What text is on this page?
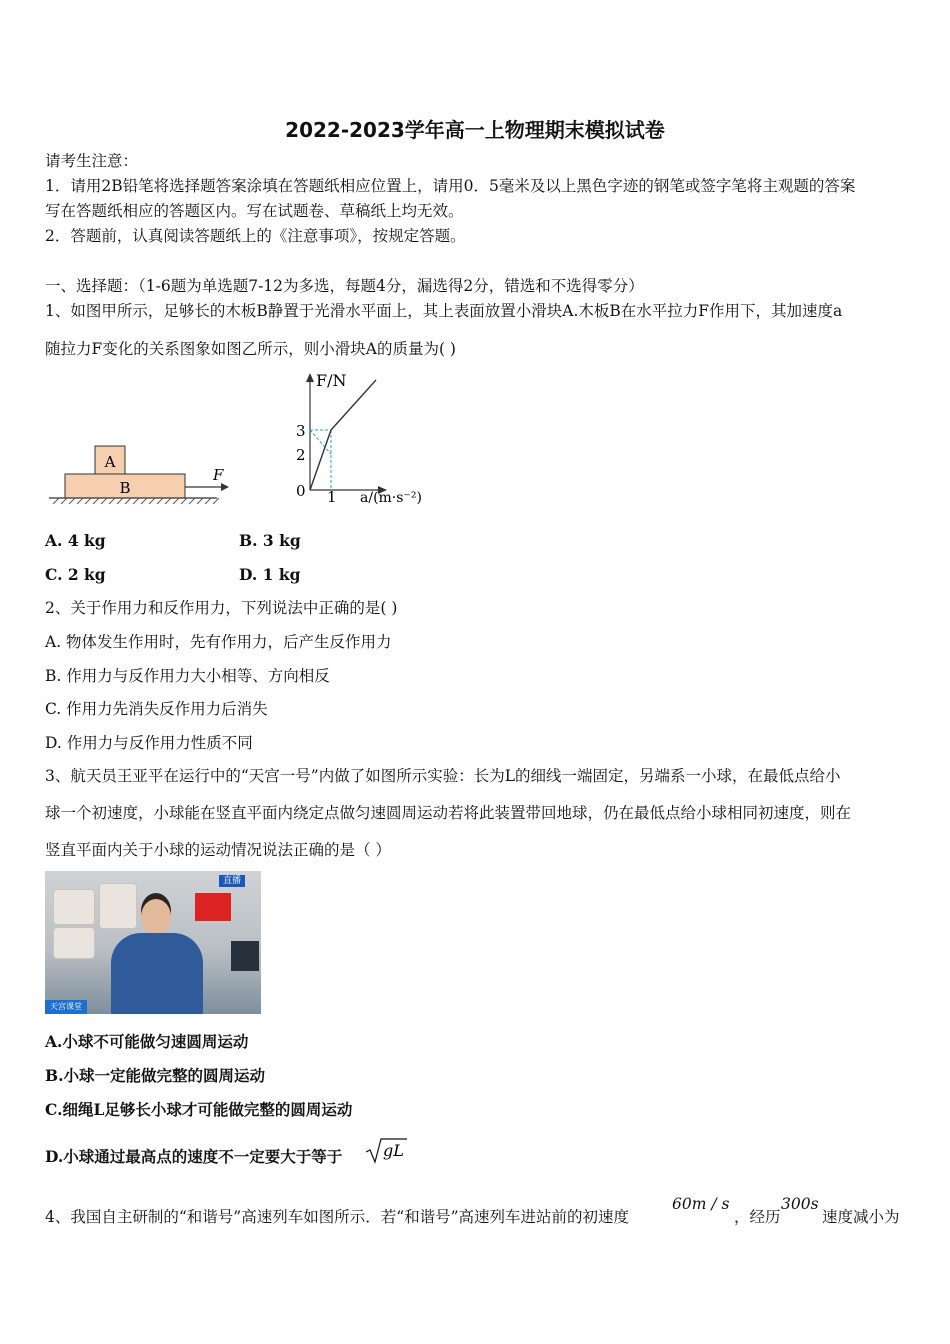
2022-2023学年高一上物理期末模拟试卷
请考生注意：
1．请用2B铅笔将选择题答案涂填在答题纸相应位置上，请用0．5毫米及以上黑色字迹的钢笔或签字笔将主观题的答案
写在答题纸相应的答题区内。写在试题卷、草稿纸上均无效。
2．答题前，认真阅读答题纸上的《注意事项》，按规定答题。
一、选择题：（1-6题为单选题7-12为多选，每题4分，漏选得2分，错选和不选得零分）
1、如图甲所示，足够长的木板B静置于光滑水平面上，其上表面放置小滑块A.木板B在水平拉力F作用下，其加速度a
随拉力F变化的关系图象如图乙所示，则小滑块A的质量为( )
A
B
F
F/N
3
2
0 1 a/(m·s⁻²)
A. 4 kg	B. 3 kg
C. 2 kg	D. 1 kg
2、关于作用力和反作用力，下列说法中正确的是( )
A. 物体发生作用时，先有作用力，后产生反作用力
B. 作用力与反作用力大小相等、方向相反
C. 作用力先消失反作用力后消失
D. 作用力与反作用力性质不同
3、航天员王亚平在运行中的“天宫一号”内做了如图所示实验：长为L的细线一端固定，另端系一小球，在最低点给小
球一个初速度，小球能在竖直平面内绕定点做匀速圆周运动若将此装置带回地球，仍在最低点给小球相同初速度，则在
竖直平面内关于小球的运动情况说法正确的是（ ）
直播
天宫课堂
A.小球不可能做匀速圆周运动
B.小球一定能做完整的圆周运动
C.细绳L足够长小球才可能做完整的圆周运动
D.小球通过最高点的速度不一定要大于等于	gL
4、我国自主研制的“和谐号”高速列车如图所示．若“和谐号”高速列车进站前的初速度
60m / s
，经历
300s
速度减小为
